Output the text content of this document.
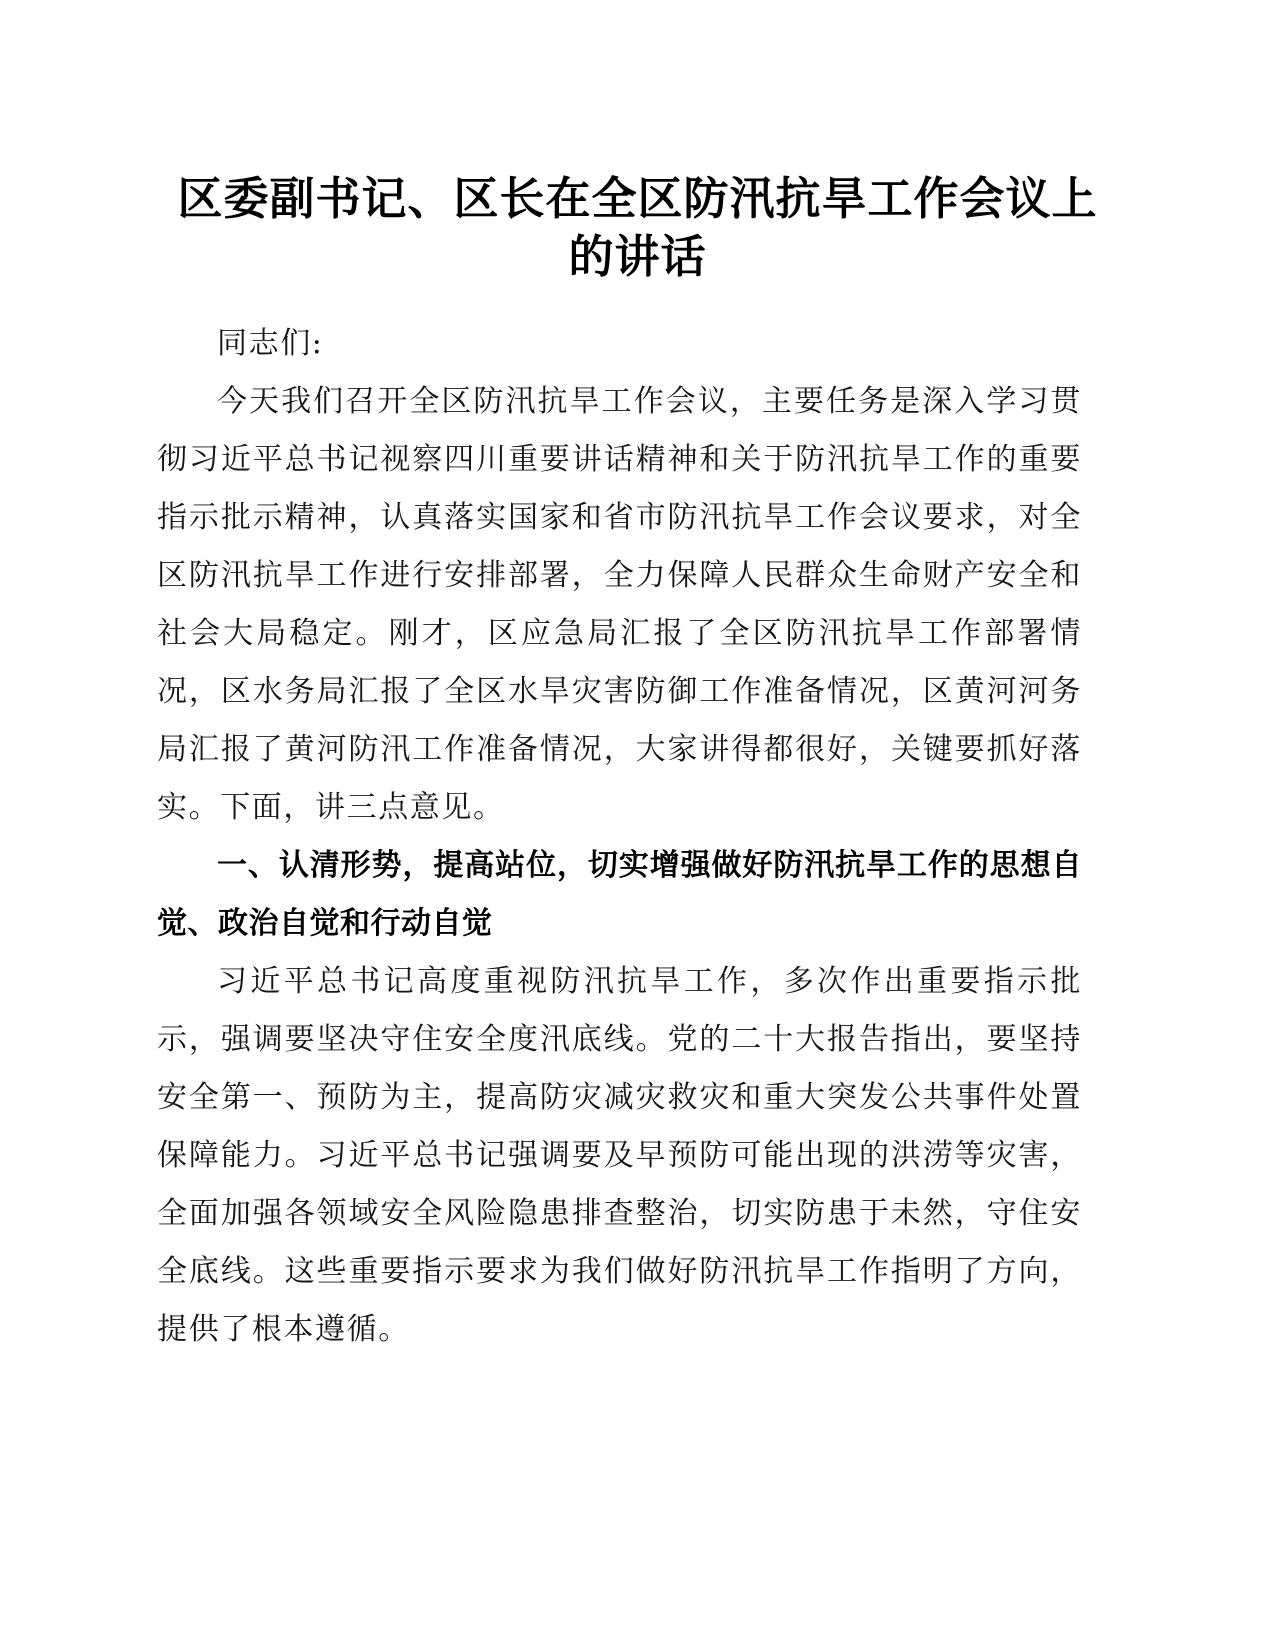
区委副书记、区长在全区防汛抗旱工作会议上
的讲话

同志们:

今天我们召开全区防汛抗旱工作会议，主要任务是深入学习贯彻习近平总书记视察四川重要讲话精神和关于防汛抗旱工作的重要指示批示精神，认真落实国家和省市防汛抗旱工作会议要求，对全区防汛抗旱工作进行安排部署，全力保障人民群众生命财产安全和社会大局稳定。刚才，区应急局汇报了全区防汛抗旱工作部署情况，区水务局汇报了全区水旱灾害防御工作准备情况，区黄河河务局汇报了黄河防汛工作准备情况，大家讲得都很好，关键要抓好落实。下面，讲三点意见。

一、认清形势，提高站位，切实增强做好防汛抗旱工作的思想自觉、政治自觉和行动自觉

习近平总书记高度重视防汛抗旱工作，多次作出重要指示批示，强调要坚决守住安全度汛底线。党的二十大报告指出，要坚持安全第一、预防为主，提高防灾减灾救灾和重大突发公共事件处置保障能力。习近平总书记强调要及早预防可能出现的洪涝等灾害，全面加强各领域安全风险隐患排查整治，切实防患于未然，守住安全底线。这些重要指示要求为我们做好防汛抗旱工作指明了方向，提供了根本遵循。
